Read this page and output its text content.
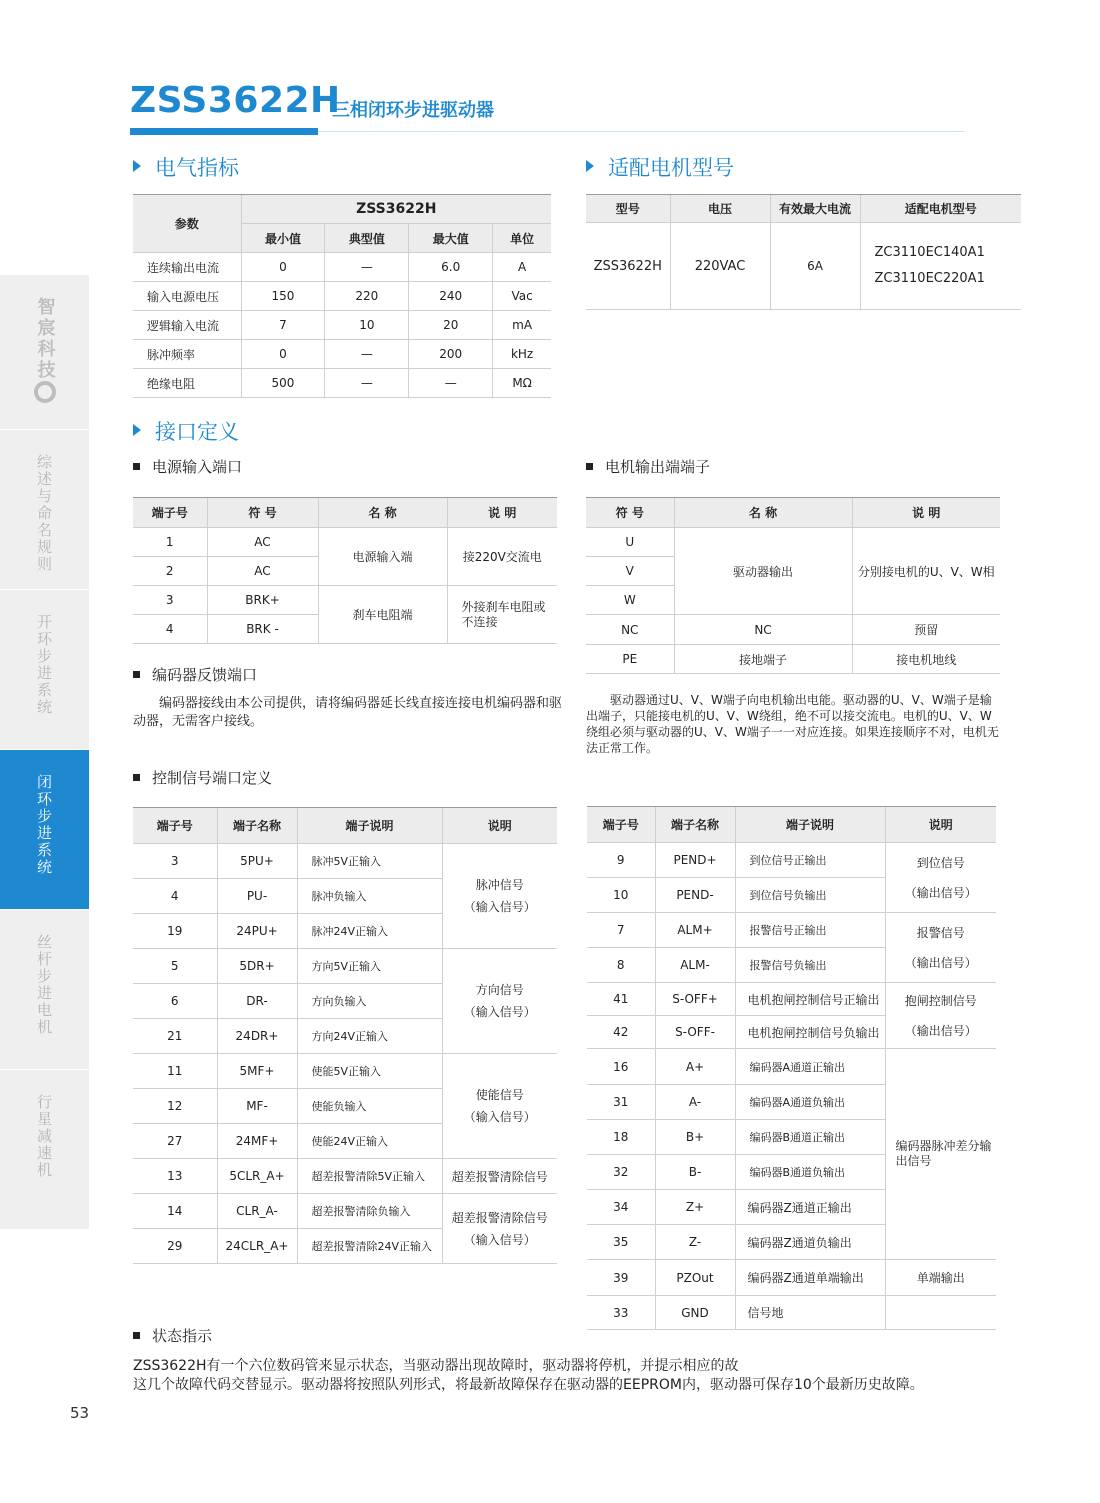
ZSS3622H
三相闭环步进驱动器
智宸科技
综述与命名规则
开环步进系统
闭环步进系统
丝杆步进电机
行星减速机
电气指标
参数	ZSS3622H			
	最小值	典型值	最大值	单位
连续输出电流	0	—	6.0	A
输入电源电压	150	220	240	Vac
逻辑输入电流	7	10	20	mA
脉冲频率	0	—	200	kHz
绝缘电阻	500	—	—	MΩ
适配电机型号
型号	电压	有效最大电流	适配电机型号
ZSS3622H	220VAC	6A	ZC3110EC140A1
ZC3110EC220A1
接口定义
电源输入端口
端子号	符 号	名 称	说 明
1	AC	电源输入端	接220V交流电
2	AC		
3	BRK+	刹车电阻端	外接刹车电阻或不连接
4	BRK -		
电机输出端端子
符 号	名 称	说 明
U	驱动器输出	分别接电机的U、V、W相
V		
W		
NC	NC	预留
PE	接地端子	接电机地线
驱动器通过U、V、W端子向电机输出电能。驱动器的U、V、W端子是输出端子，只能接电机的U、V、W绕组，绝不可以接交流电。电机的U、V、W绕组必须与驱动器的U、V、W端子一一对应连接。如果连接顺序不对，电机无法正常工作。
编码器反馈端口
编码器接线由本公司提供，请将编码器延长线直接连接电机编码器和驱动器，无需客户接线。
控制信号端口定义
端子号	端子名称	端子说明	说明
3	5PU+	脉冲5V正输入	脉冲信号
（输入信号）

4	PU-	脉冲负输入	
19	24PU+	脉冲24V正输入	
5	5DR+	方向5V正输入	方向信号
（输入信号）

6	DR-	方向负输入	
21	24DR+	方向24V正输入	
11	5MF+	使能5V正输入	使能信号
（输入信号）

12	MF-	使能负输入	
27	24MF+	使能24V正输入	
13	5CLR_A+	超差报警清除5V正输入	超差报警清除信号
14	CLR_A-	超差报警清除负输入	超差报警清除信号
（输入信号）

29	24CLR_A+	超差报警清除24V正输入	
端子号	端子名称	端子说明	说明
9	PEND+	到位信号正输出	到位信号
（输出信号）

10	PEND-	到位信号负输出	
7	ALM+	报警信号正输出	报警信号
（输出信号）

8	ALM-	报警信号负输出	
41	S-OFF+	电机抱闸控制信号正输出	抱闸控制信号
（输出信号）

42	S-OFF-	电机抱闸控制信号负输出	
16	A+	编码器A通道正输出	编码器脉冲差分输出信号
31	A-	编码器A通道负输出	
18	B+	编码器B通道正输出	
32	B-	编码器B通道负输出	
34	Z+	编码器Z通道正输出	
35	Z-	编码器Z通道负输出	
39	PZOut	编码器Z通道单端输出	单端输出
33	GND	信号地	
状态指示
ZSS3622H有一个六位数码管来显示状态，当驱动器出现故障时，驱动器将停机，并提示相应的故
这几个故障代码交替显示。驱动器将按照队列形式，将最新故障保存在驱动器的EEPROM内，驱动器可保存10个最新历史故障。
53
